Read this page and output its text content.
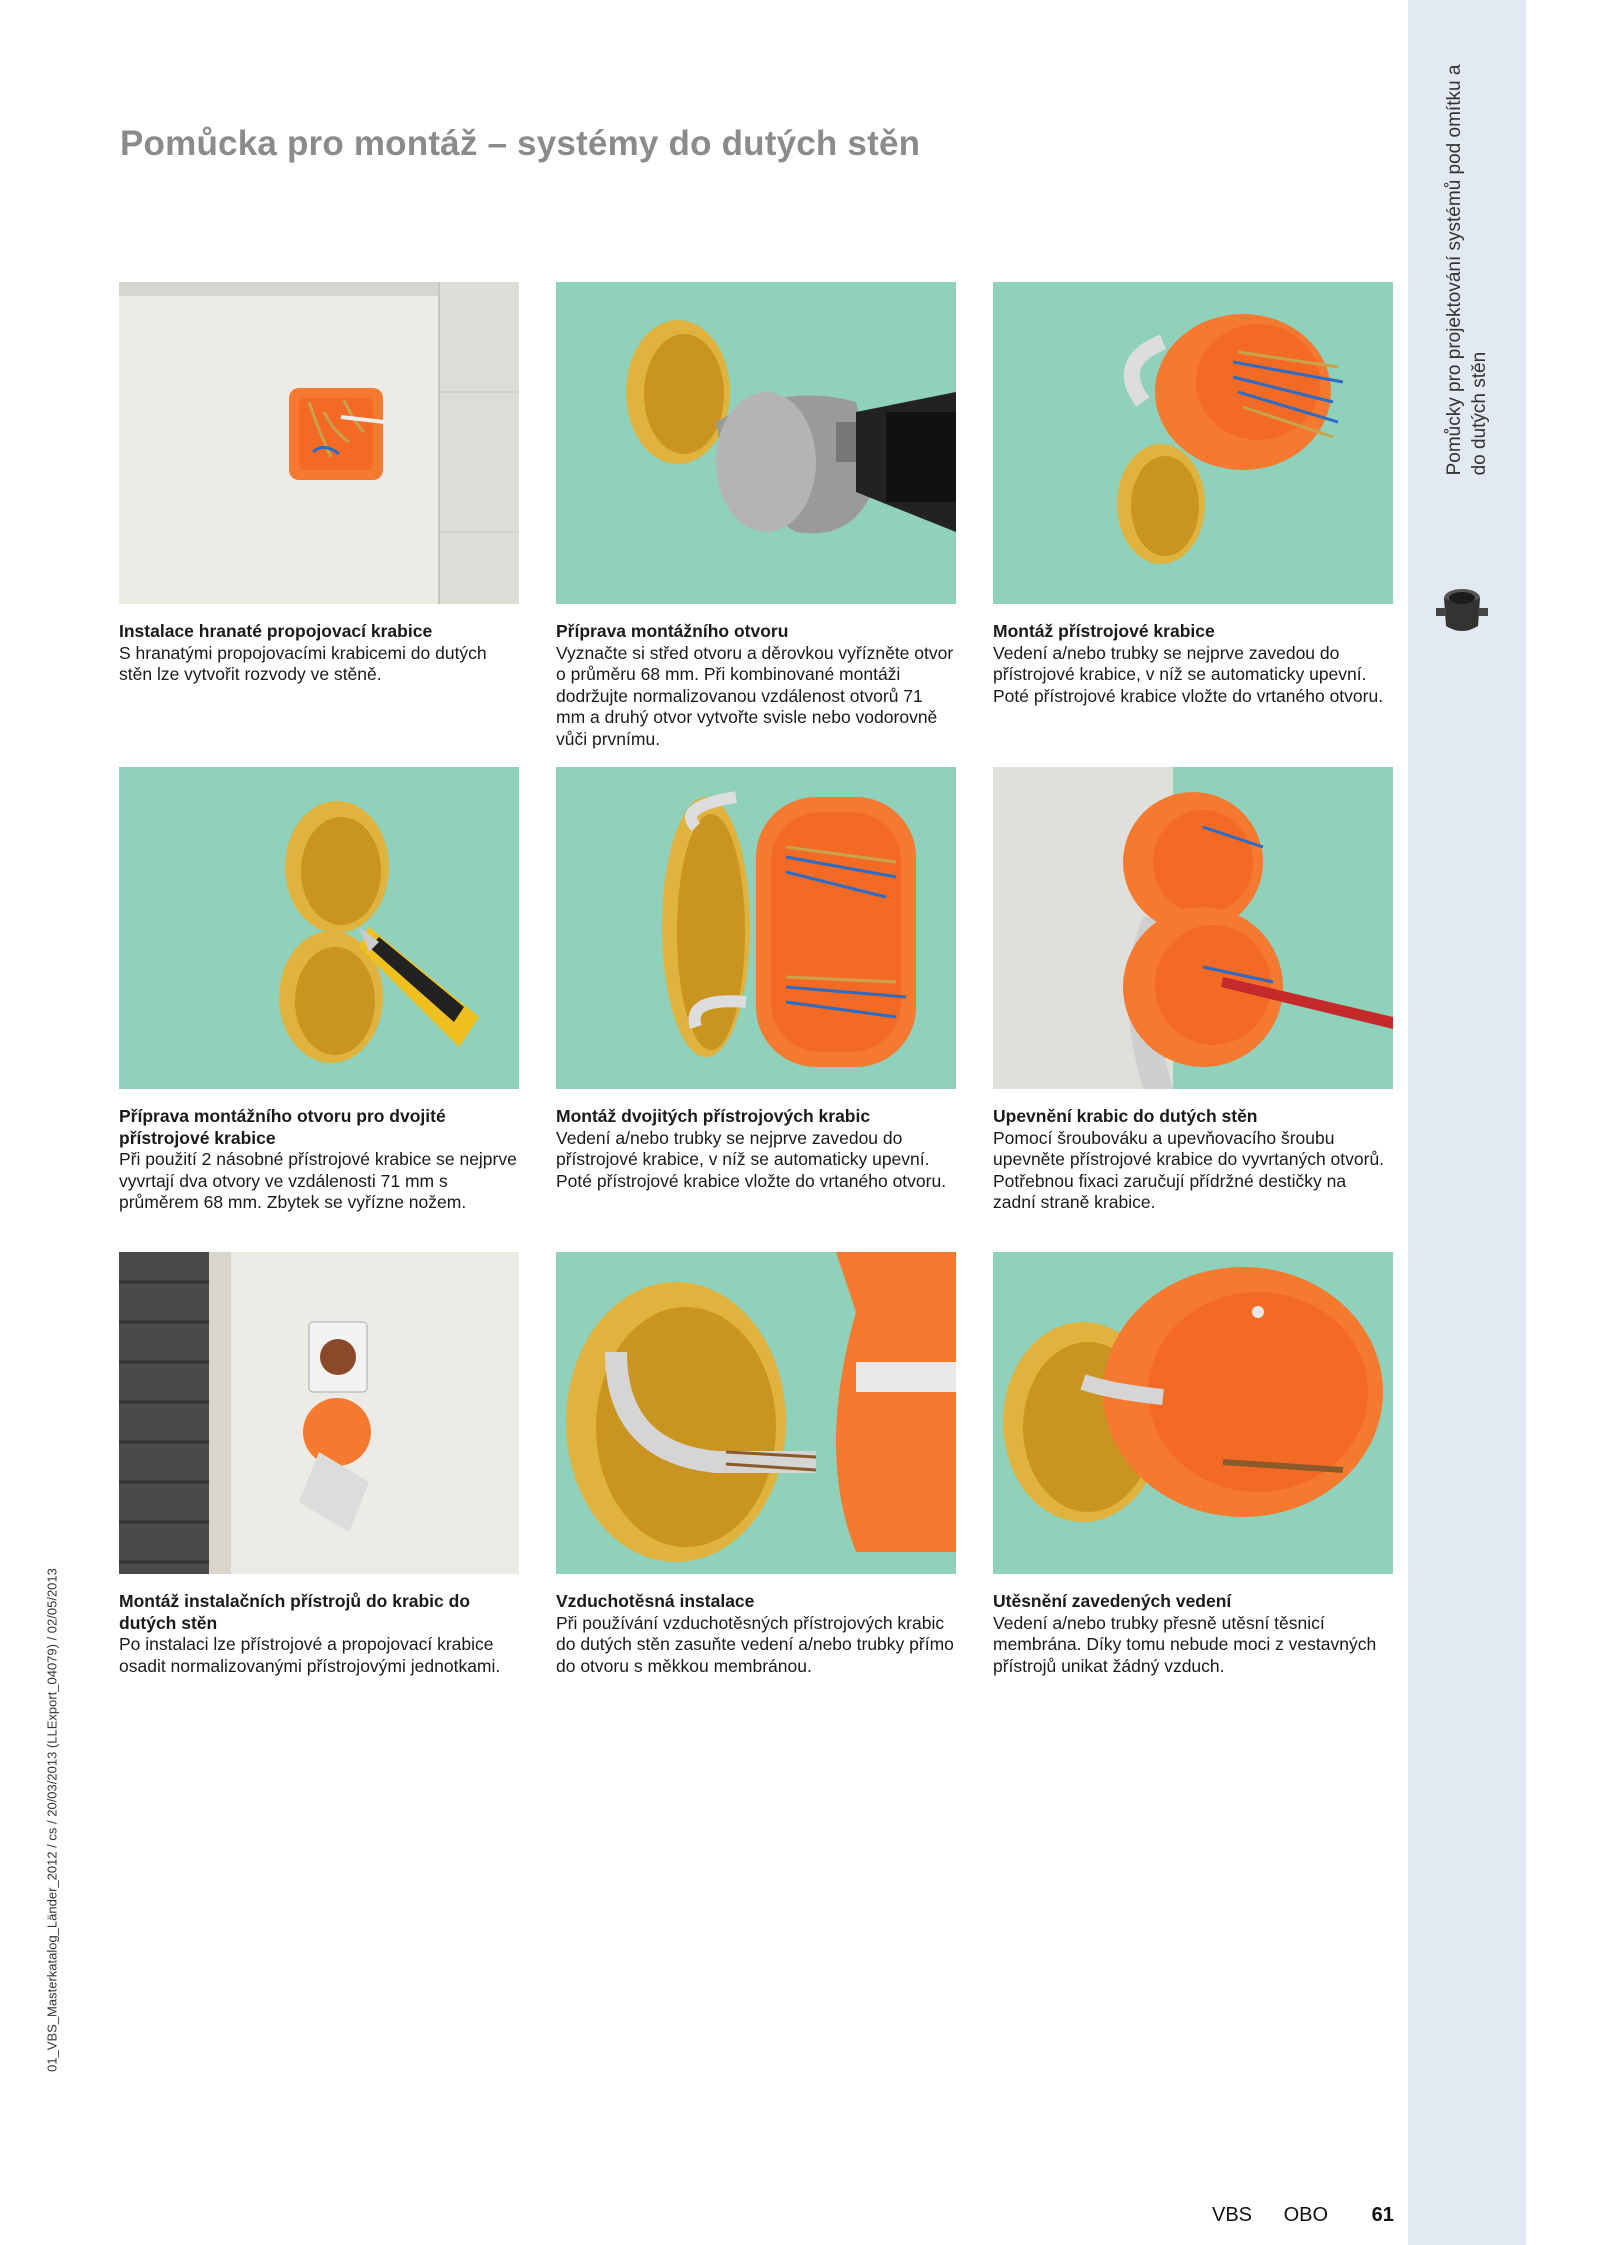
Pomůcky pro projektování systémů pod omítku a do dutých stěn
01_VBS_Masterkatalog_Länder_2012 / cs / 20/03/2013 (LLExport_04079) / 02/05/2013
Pomůcka pro montáž – systémy do dutých stěn
Instalace hranaté propojovací krabice
S hranatými propojovacími krabicemi do dutých stěn lze vytvořit rozvody ve stěně.
Příprava montážního otvoru
Vyznačte si střed otvoru a děrovkou vyřízněte otvor o průměru 68 mm. Při kombinované montáži dodržujte normalizovanou vzdálenost otvorů 71 mm a druhý otvor vytvořte svisle nebo vodorovně vůči prvnímu.
Montáž přístrojové krabice
Vedení a/nebo trubky se nejprve zavedou do přístrojové krabice, v níž se automaticky upevní. Poté přístrojové krabice vložte do vrtaného otvoru.
Příprava montážního otvoru pro dvojité přístrojové krabice
Při použití 2 násobné přístrojové krabice se nejprve vyvrtají dva otvory ve vzdálenosti 71 mm s průměrem 68 mm. Zbytek se vyřízne nožem.
Montáž dvojitých přístrojových krabic
Vedení a/nebo trubky se nejprve zavedou do přístrojové krabice, v níž se automaticky upevní. Poté přístrojové krabice vložte do vrtaného otvoru.
Upevnění krabic do dutých stěn
Pomocí šroubováku a upevňovacího šroubu upevněte přístrojové krabice do vyvrtaných otvorů. Potřebnou fixaci zaručují přídržné destičky na zadní straně krabice.
Montáž instalačních přístrojů do krabic do dutých stěn
Po instalaci lze přístrojové a propojovací krabice osadit normalizovanými přístrojovými jednotkami.
Vzduchotěsná instalace
Při používání vzduchotěsných přístrojových krabic do dutých stěn zasuňte vedení a/nebo trubky přímo do otvoru s měkkou membránou.
Utěsnění zavedených vedení
Vedení a/nebo trubky přesně utěsní těsnicí membrána. Díky tomu nebude moci z vestavných přístrojů unikat žádný vzduch.
VBS OBO 61
